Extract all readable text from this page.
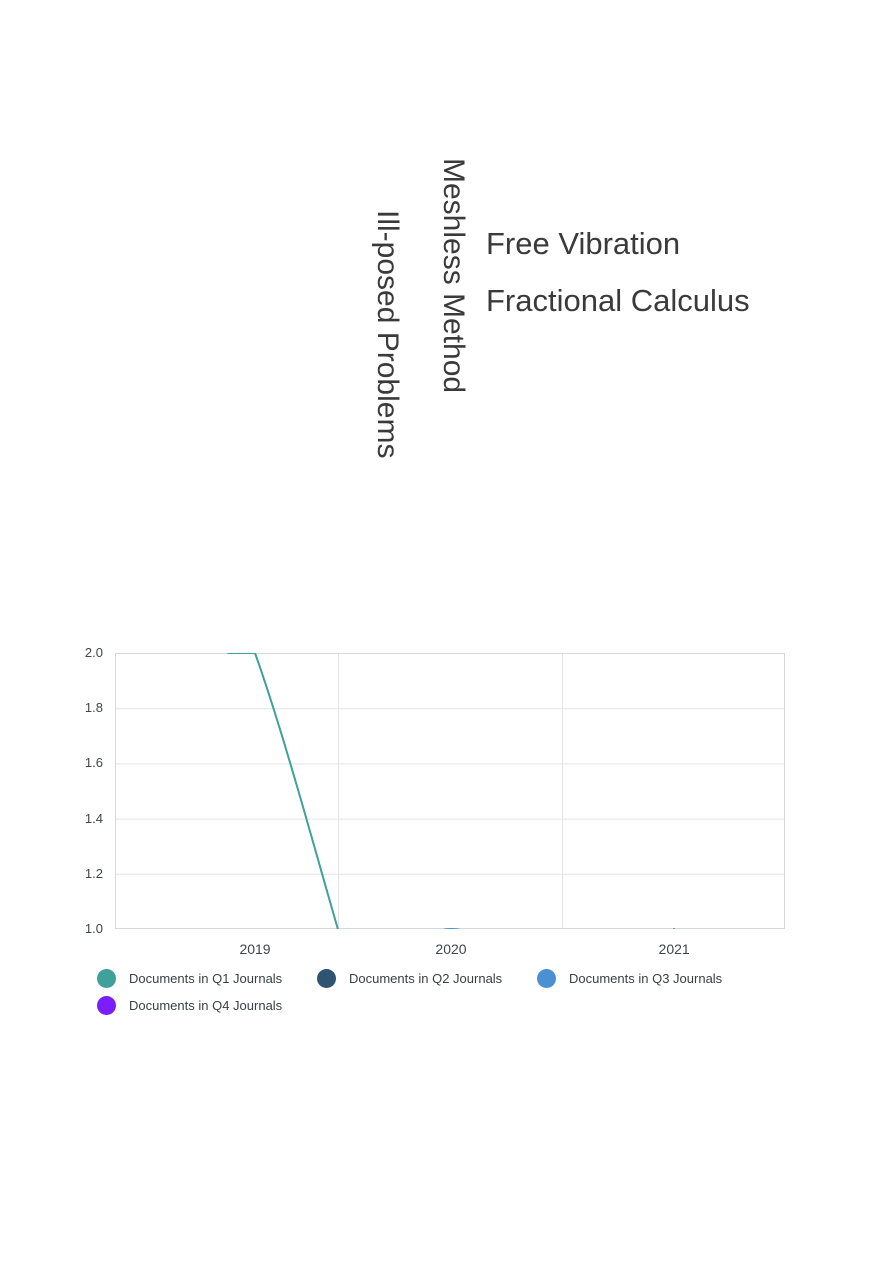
Meshless Method
Ill-posed Problems	Free Vibration
Fractional Calculus
2.0
1.8
1.6
1.4
1.2
1.0
2019	2020	2021
Documents in Q1 Journals	Documents in Q2 Journals	Documents in Q3 Journals
Documents in Q4 Journals
